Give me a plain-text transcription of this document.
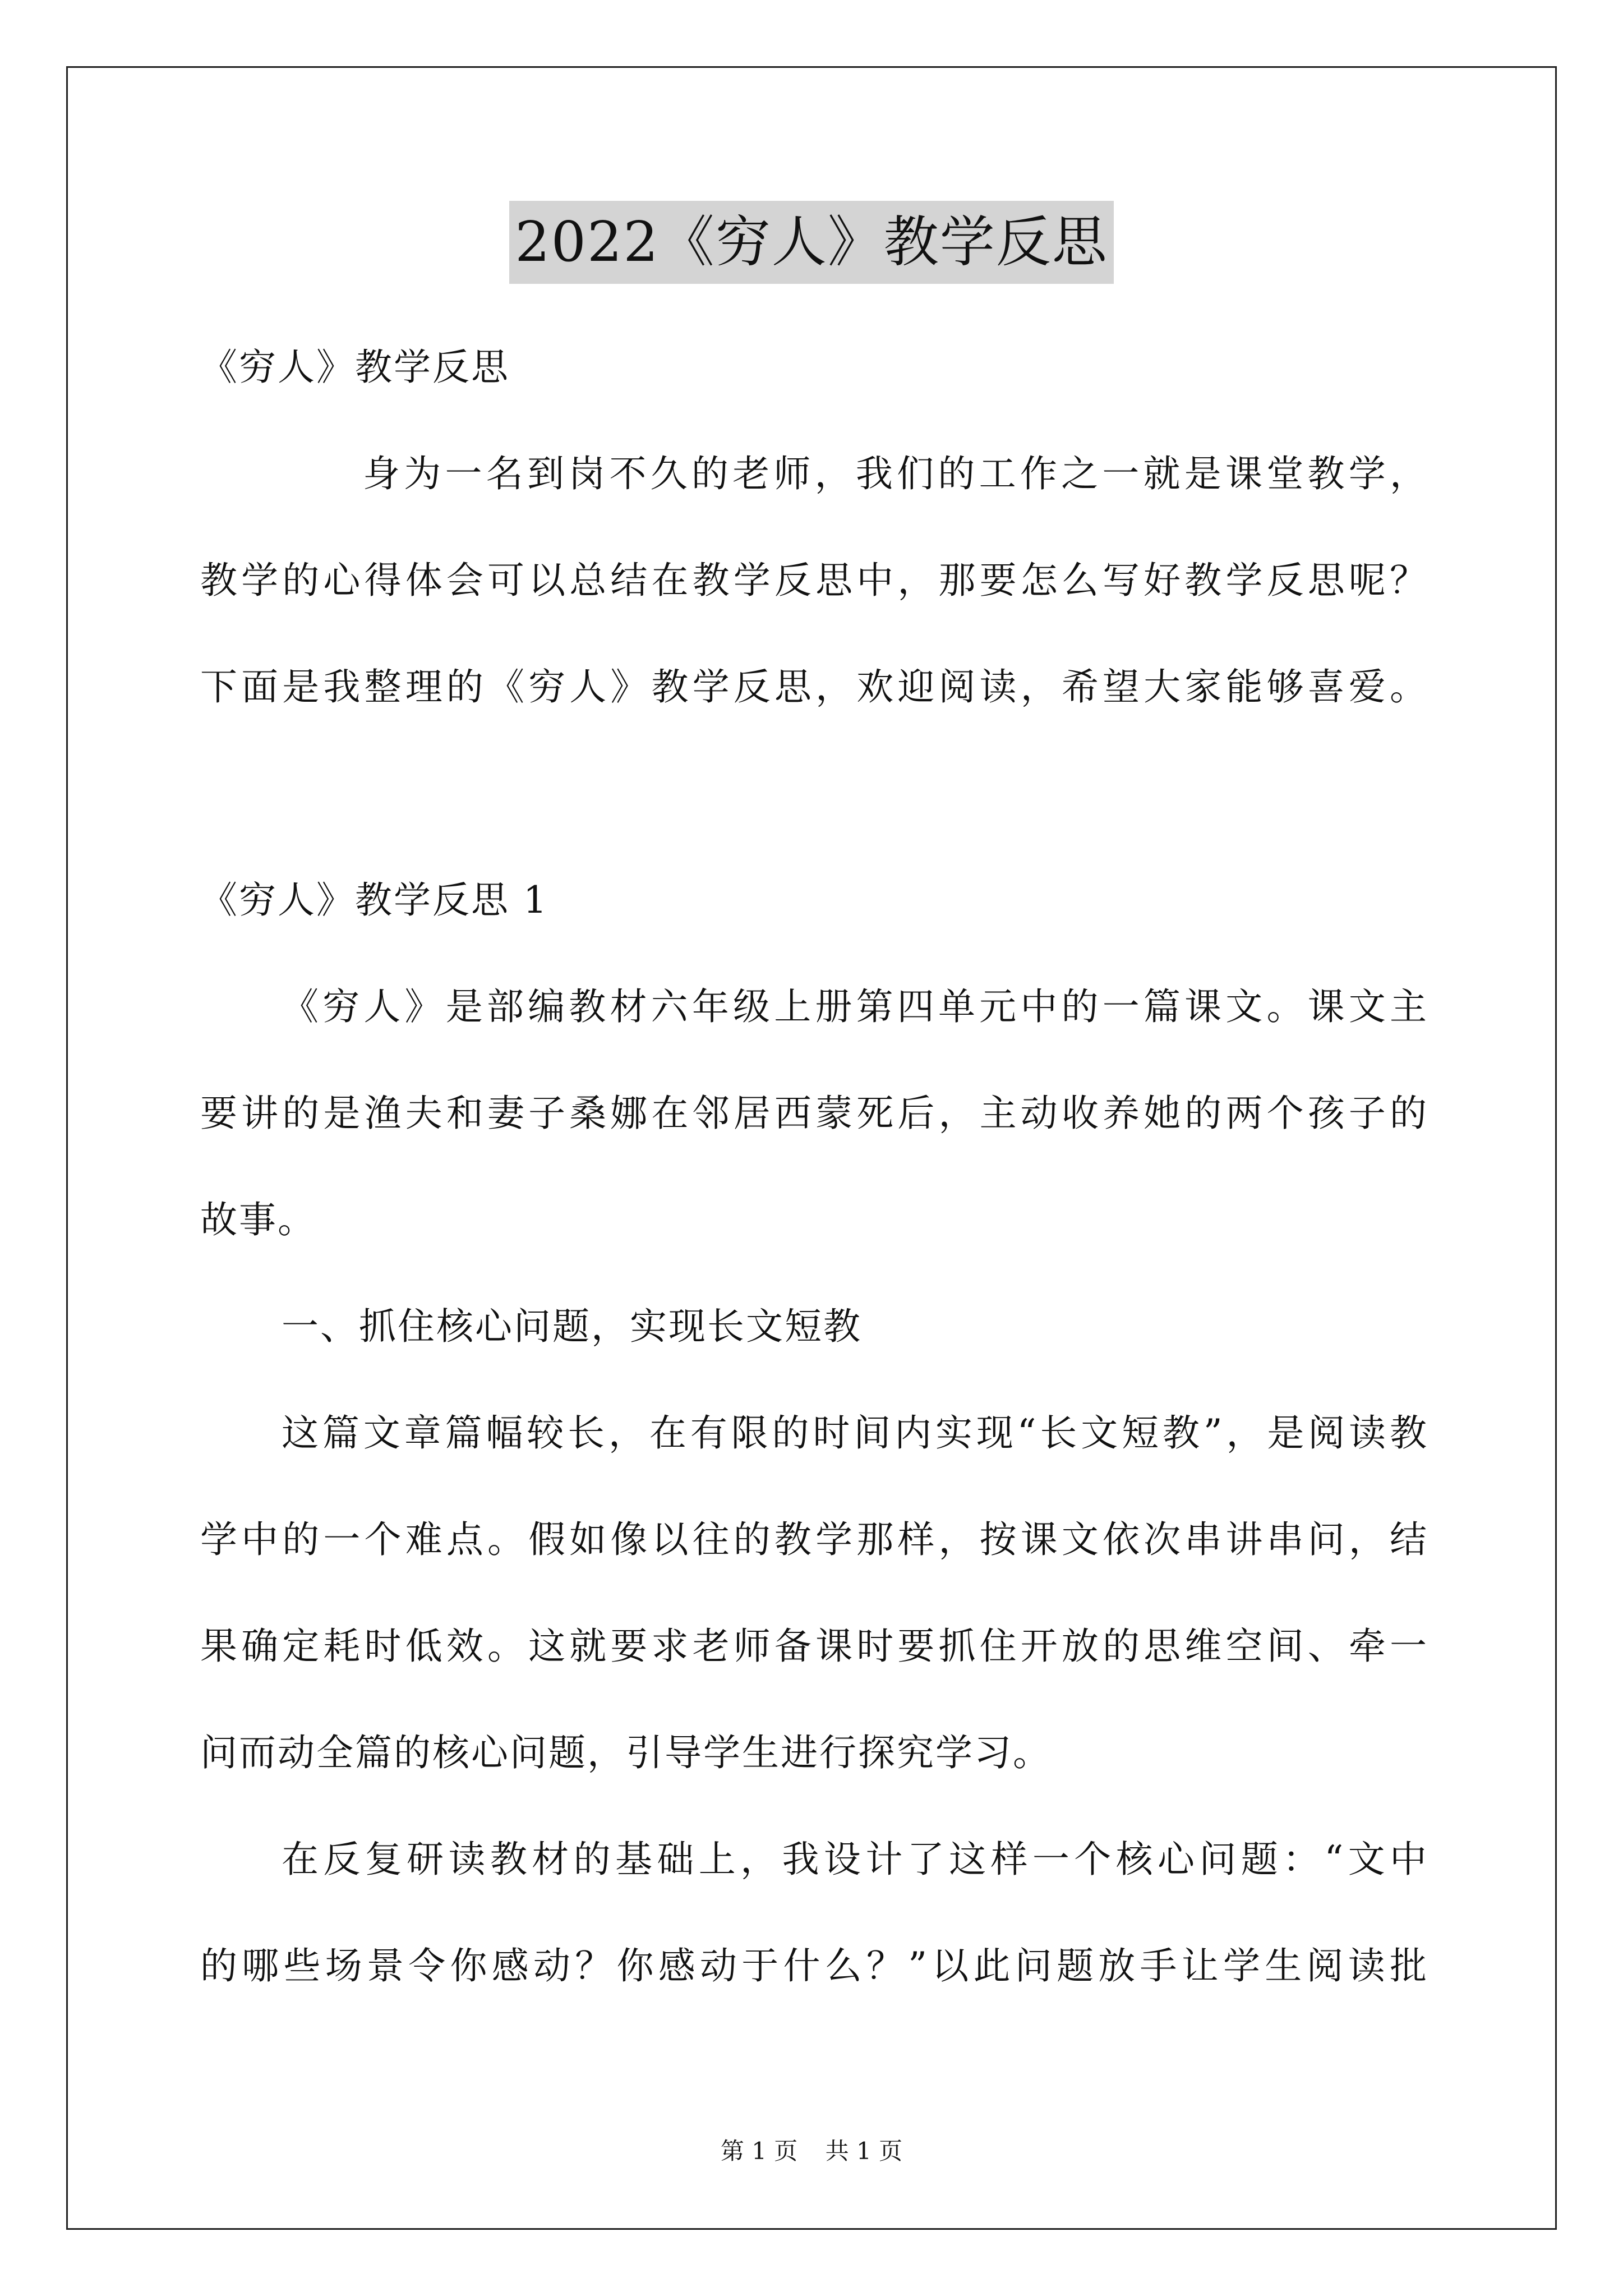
2022《穷人》教学反思
《穷人》教学反思
身为一名到岗不久的老师，我们的工作之一就是课堂教学，
教学的心得体会可以总结在教学反思中，那要怎么写好教学反思呢？
下面是我整理的《穷人》教学反思，欢迎阅读，希望大家能够喜爱。
《穷人》教学反思 1
《穷人》是部编教材六年级上册第四单元中的一篇课文。课文主
要讲的是渔夫和妻子桑娜在邻居西蒙死后，主动收养她的两个孩子的
故事。
一、抓住核心问题，实现长文短教
这篇文章篇幅较长，在有限的时间内实现“长文短教”，是阅读教
学中的一个难点。假如像以往的教学那样，按课文依次串讲串问，结
果确定耗时低效。这就要求老师备课时要抓住开放的思维空间、牵一
问而动全篇的核心问题，引导学生进行探究学习。
在反复研读教材的基础上，我设计了这样一个核心问题：“文中
的哪些场景令你感动？你感动于什么？”以此问题放手让学生阅读批
第 1 页 共 1 页
